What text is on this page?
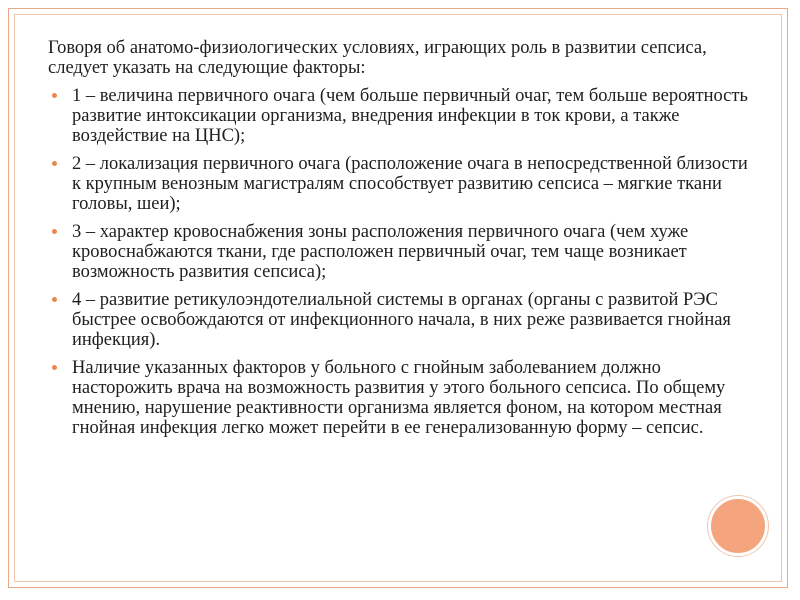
Говоря об анатомо-физиологических условиях, играющих роль в развитии сепсиса, следует указать на следующие факторы:

1 – величина первичного очага (чем больше первичный очаг, тем больше вероятность развитие интоксикации организма, внедрения инфекции в ток крови, а также воздействие на ЦНС);
2 – локализация первичного очага (расположение очага в непосредственной близости к крупным венозным магистралям способствует развитию сепсиса – мягкие ткани головы, шеи);
3 – характер кровоснабжения зоны расположения первичного очага (чем хуже кровоснабжаются ткани, где расположен первичный очаг, тем чаще возникает возможность развития сепсиса);
4 – развитие ретикулоэндотелиальной системы в органах (органы с развитой РЭС быстрее освобождаются от инфекционного начала, в них реже развивается гнойная инфекция).
Наличие указанных факторов у больного с гнойным заболеванием должно насторожить врача на возможность развития у этого больного сепсиса. По общему мнению, нарушение реактивности организма является фоном, на котором местная гнойная инфекция легко может перейти в ее генерализованную форму – сепсис.
